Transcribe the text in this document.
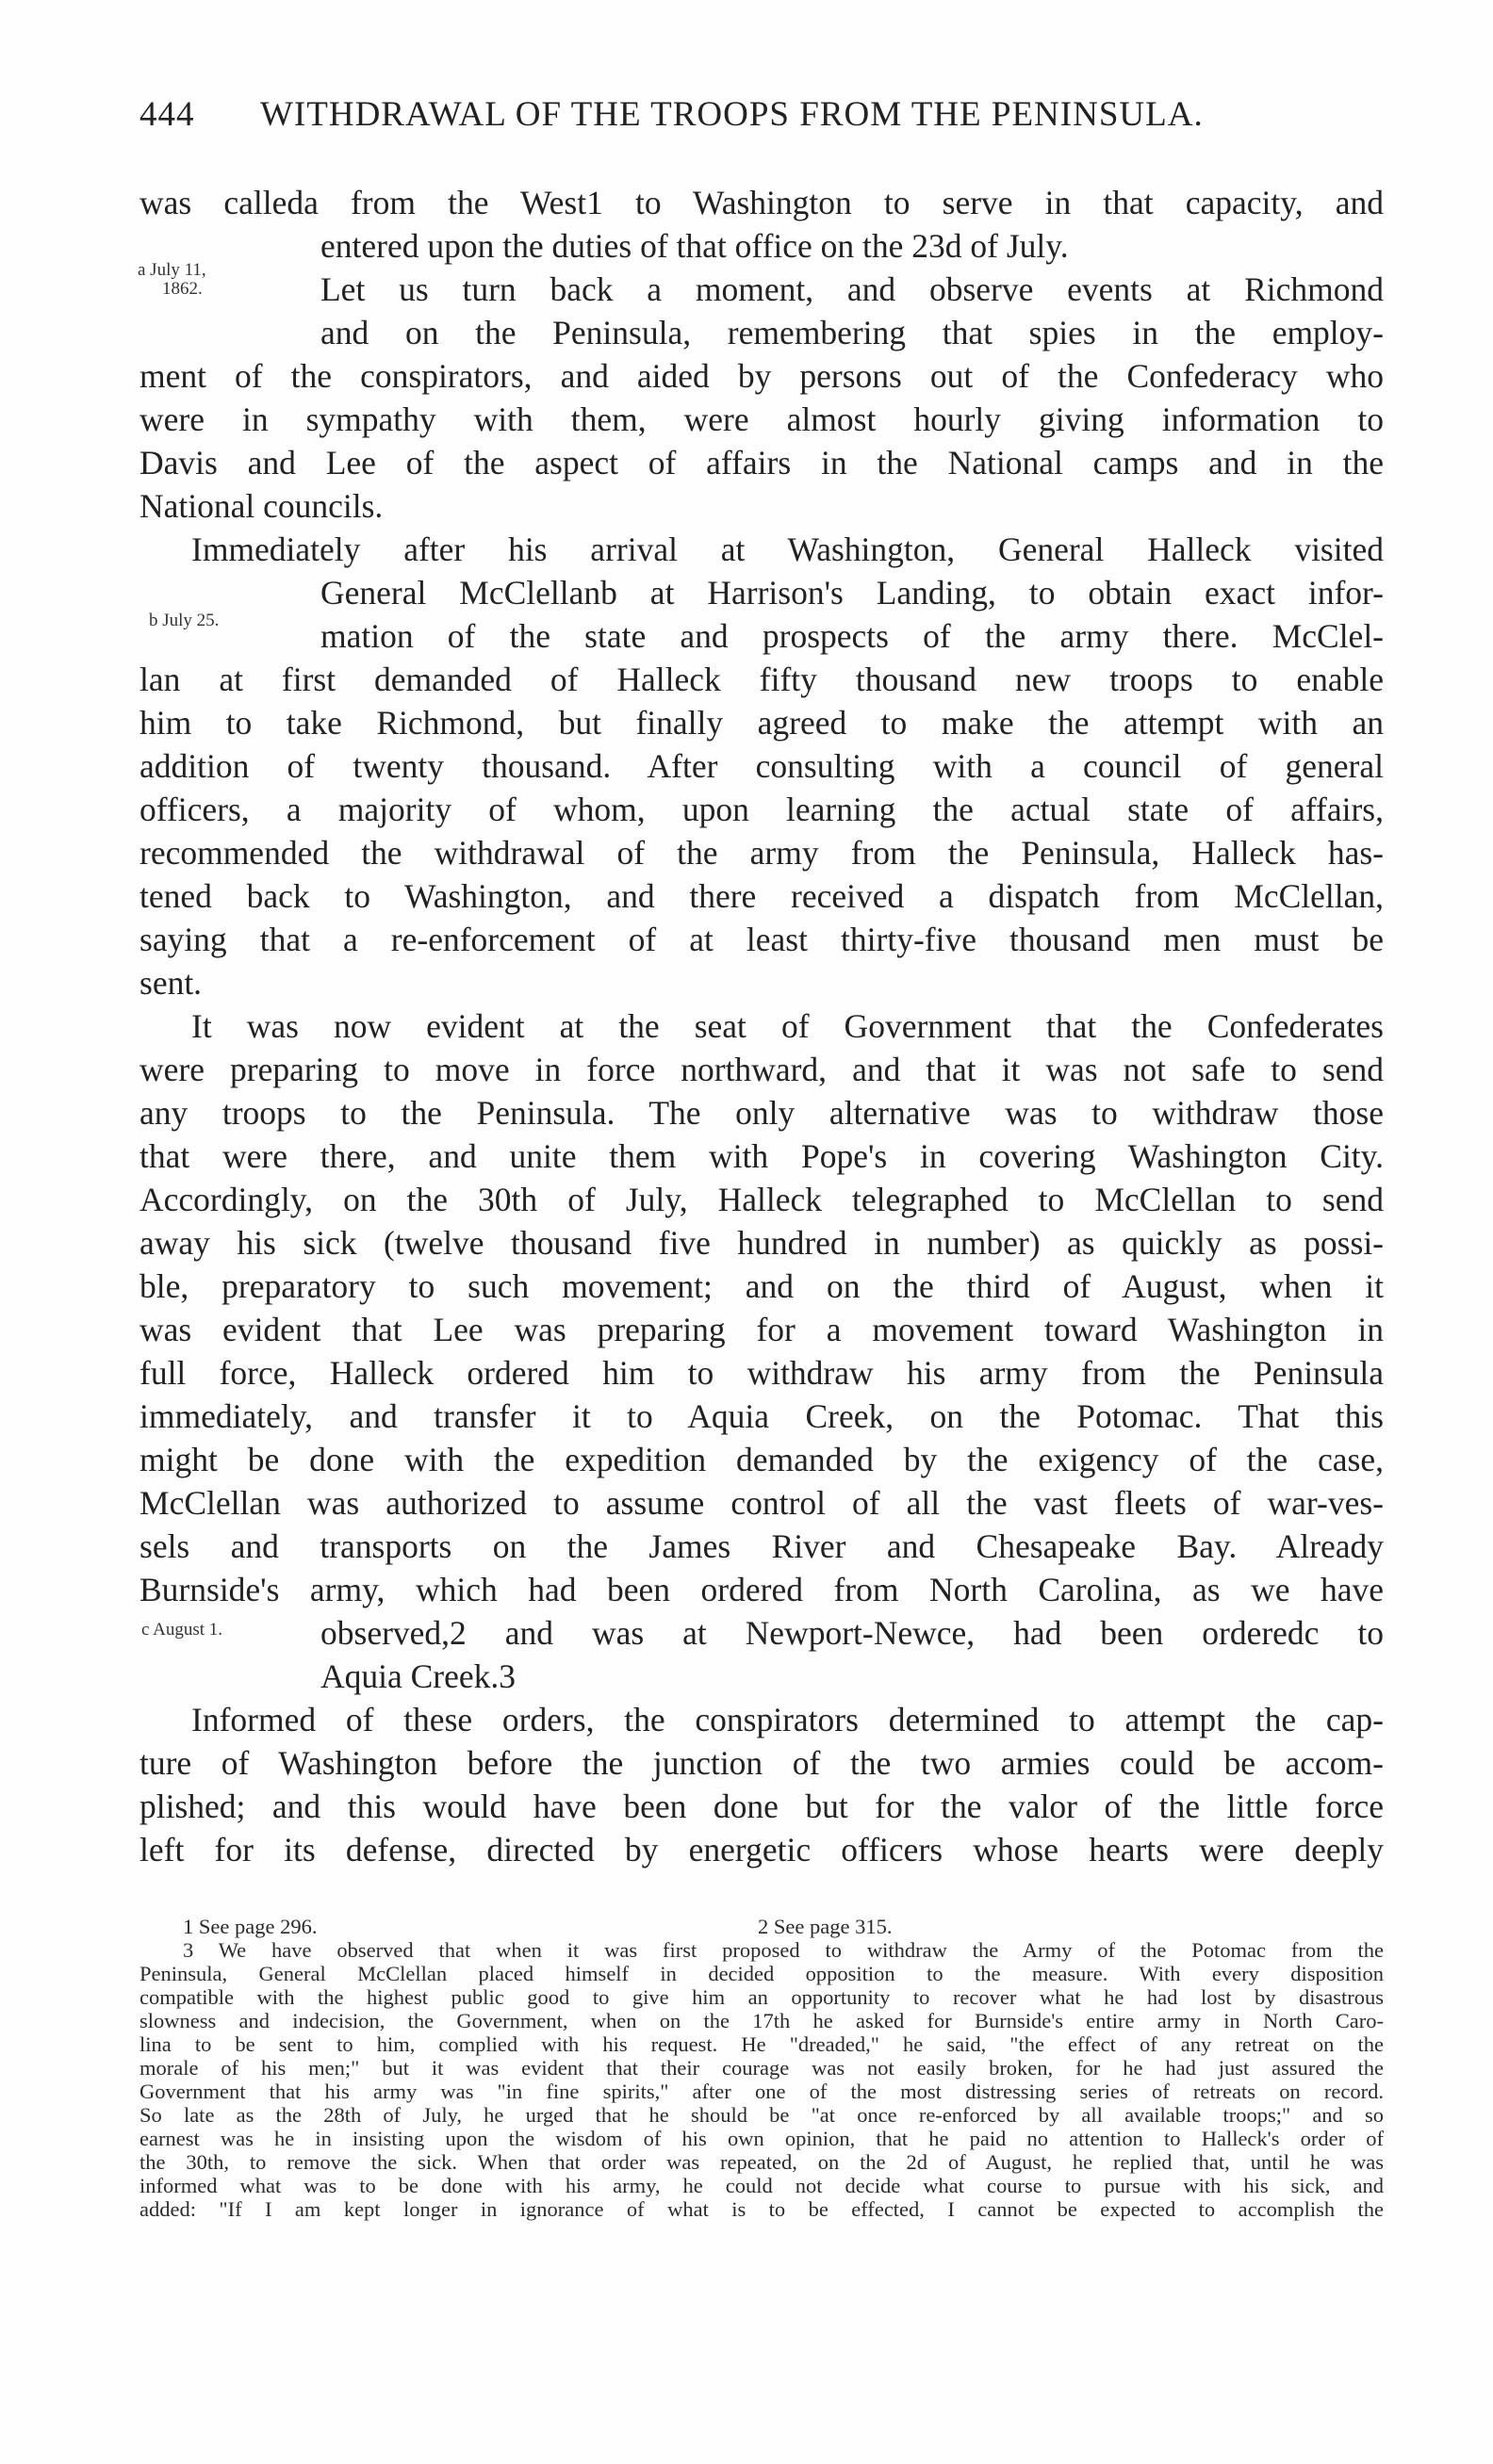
444 WITHDRAWAL OF THE TROOPS FROM THE PENINSULA.
a July 11,
1862.
b July 25.
c August 1.
was calleda from the West1 to Washington to serve in that capacity, and
entered upon the duties of that office on the 23d of July.
Let us turn back a moment, and observe events at Richmond
and on the Peninsula, remembering that spies in the employ-
ment of the conspirators, and aided by persons out of the Confederacy who
were in sympathy with them, were almost hourly giving information to
Davis and Lee of the aspect of affairs in the National camps and in the
National councils.
Immediately after his arrival at Washington, General Halleck visited
General McClellanb at Harrison's Landing, to obtain exact infor-
mation of the state and prospects of the army there. McClel-
lan at first demanded of Halleck fifty thousand new troops to enable
him to take Richmond, but finally agreed to make the attempt with an
addition of twenty thousand. After consulting with a council of general
officers, a majority of whom, upon learning the actual state of affairs,
recommended the withdrawal of the army from the Peninsula, Halleck has-
tened back to Washington, and there received a dispatch from McClellan,
saying that a re-enforcement of at least thirty-five thousand men must be
sent.
It was now evident at the seat of Government that the Confederates
were preparing to move in force northward, and that it was not safe to send
any troops to the Peninsula. The only alternative was to withdraw those
that were there, and unite them with Pope's in covering Washington City.
Accordingly, on the 30th of July, Halleck telegraphed to McClellan to send
away his sick (twelve thousand five hundred in number) as quickly as possi-
ble, preparatory to such movement; and on the third of August, when it
was evident that Lee was preparing for a movement toward Washington in
full force, Halleck ordered him to withdraw his army from the Peninsula
immediately, and transfer it to Aquia Creek, on the Potomac. That this
might be done with the expedition demanded by the exigency of the case,
McClellan was authorized to assume control of all the vast fleets of war-ves-
sels and transports on the James River and Chesapeake Bay. Already
Burnside's army, which had been ordered from North Carolina, as we have
observed,2 and was at Newport-Newce, had been orderedc to
Aquia Creek.3
Informed of these orders, the conspirators determined to attempt the cap-
ture of Washington before the junction of the two armies could be accom-
plished; and this would have been done but for the valor of the little force
left for its defense, directed by energetic officers whose hearts were deeply
1 See page 296.	2 See page 315.
3 We have observed that when it was first proposed to withdraw the Army of the Potomac from the
Peninsula, General McClellan placed himself in decided opposition to the measure. With every disposition
compatible with the highest public good to give him an opportunity to recover what he had lost by disastrous
slowness and indecision, the Government, when on the 17th he asked for Burnside's entire army in North Caro-
lina to be sent to him, complied with his request. He "dreaded," he said, "the effect of any retreat on the
morale of his men;" but it was evident that their courage was not easily broken, for he had just assured the
Government that his army was "in fine spirits," after one of the most distressing series of retreats on record.
So late as the 28th of July, he urged that he should be "at once re-enforced by all available troops;" and so
earnest was he in insisting upon the wisdom of his own opinion, that he paid no attention to Halleck's order of
the 30th, to remove the sick. When that order was repeated, on the 2d of August, he replied that, until he was
informed what was to be done with his army, he could not decide what course to pursue with his sick, and
added: "If I am kept longer in ignorance of what is to be effected, I cannot be expected to accomplish the
